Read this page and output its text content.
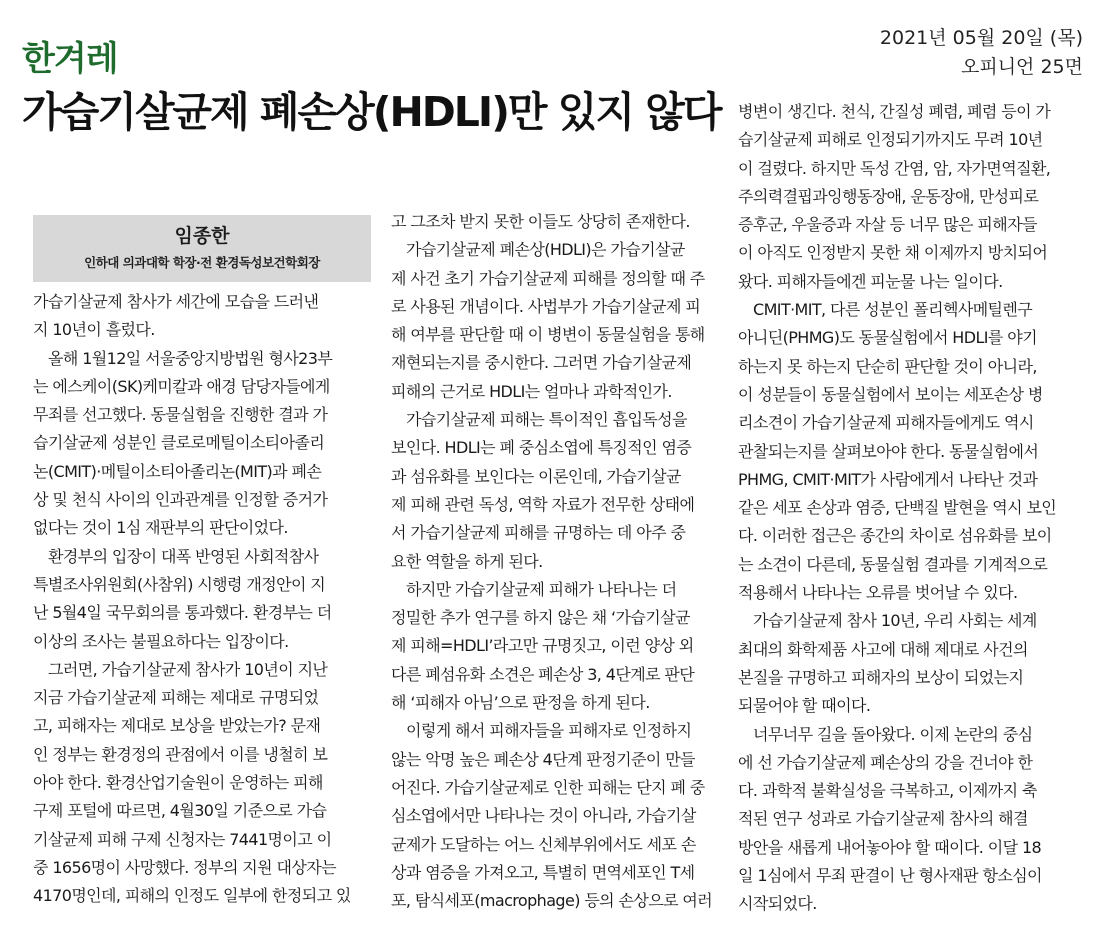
한겨레
2021년 05월 20일 (목)
오피니언 25면
가습기살균제 폐손상(HDLI)만 있지 않다
임종한
인하대 의과대학 학장·전 환경독성보건학회장
가습기살균제 참사가 세간에 모습을 드러낸
지 10년이 흘렀다.
올해 1월12일 서울중앙지방법원 형사23부
는 에스케이(SK)케미칼과 애경 담당자들에게
무죄를 선고했다. 동물실험을 진행한 결과 가
습기살균제 성분인 클로로메틸이소티아졸리
논(CMIT)·메틸이소티아졸리논(MIT)과 폐손
상 및 천식 사이의 인과관계를 인정할 증거가
없다는 것이 1심 재판부의 판단이었다.
환경부의 입장이 대폭 반영된 사회적참사
특별조사위원회(사참위) 시행령 개정안이 지
난 5월4일 국무회의를 통과했다. 환경부는 더
이상의 조사는 불필요하다는 입장이다.
그러면, 가습기살균제 참사가 10년이 지난
지금 가습기살균제 피해는 제대로 규명되었
고, 피해자는 제대로 보상을 받았는가? 문재
인 정부는 환경정의 관점에서 이를 냉철히 보
아야 한다. 환경산업기술원이 운영하는 피해
구제 포털에 따르면, 4월30일 기준으로 가습
기살균제 피해 구제 신청자는 7441명이고 이
중 1656명이 사망했다. 정부의 지원 대상자는
4170명인데, 피해의 인정도 일부에 한정되고 있
고 그조차 받지 못한 이들도 상당히 존재한다.
가습기살균제 폐손상(HDLI)은 가습기살균
제 사건 초기 가습기살균제 피해를 정의할 때 주
로 사용된 개념이다. 사법부가 가습기살균제 피
해 여부를 판단할 때 이 병변이 동물실험을 통해
재현되는지를 중시한다. 그러면 가습기살균제
피해의 근거로 HDLI는 얼마나 과학적인가.
가습기살균제 피해는 특이적인 흡입독성을
보인다. HDLI는 폐 중심소엽에 특징적인 염증
과 섬유화를 보인다는 이론인데, 가습기살균
제 피해 관련 독성, 역학 자료가 전무한 상태에
서 가습기살균제 피해를 규명하는 데 아주 중
요한 역할을 하게 된다.
하지만 가습기살균제 피해가 나타나는 더
정밀한 추가 연구를 하지 않은 채 ‘가습기살균
제 피해=HDLI’라고만 규명짓고, 이런 양상 외
다른 폐섬유화 소견은 폐손상 3, 4단계로 판단
해 ‘피해자 아님’으로 판정을 하게 된다.
이렇게 해서 피해자들을 피해자로 인정하지
않는 악명 높은 폐손상 4단계 판정기준이 만들
어진다. 가습기살균제로 인한 피해는 단지 폐 중
심소엽에서만 나타나는 것이 아니라, 가습기살
균제가 도달하는 어느 신체부위에서도 세포 손
상과 염증을 가져오고, 특별히 면역세포인 T세
포, 탐식세포(macrophage) 등의 손상으로 여러
병변이 생긴다. 천식, 간질성 폐렴, 폐렴 등이 가
습기살균제 피해로 인정되기까지도 무려 10년
이 걸렸다. 하지만 독성 간염, 암, 자가면역질환,
주의력결핍과잉행동장애, 운동장애, 만성피로
증후군, 우울증과 자살 등 너무 많은 피해자들
이 아직도 인정받지 못한 채 이제까지 방치되어
왔다. 피해자들에겐 피눈물 나는 일이다.
CMIT·MIT, 다른 성분인 폴리헥사메틸렌구
아니딘(PHMG)도 동물실험에서 HDLI를 야기
하는지 못 하는지 단순히 판단할 것이 아니라,
이 성분들이 동물실험에서 보이는 세포손상 병
리소견이 가습기살균제 피해자들에게도 역시
관찰되는지를 살펴보아야 한다. 동물실험에서
PHMG, CMIT·MIT가 사람에게서 나타난 것과
같은 세포 손상과 염증, 단백질 발현을 역시 보인
다. 이러한 접근은 종간의 차이로 섬유화를 보이
는 소견이 다른데, 동물실험 결과를 기계적으로
적용해서 나타나는 오류를 벗어날 수 있다.
가습기살균제 참사 10년, 우리 사회는 세계
최대의 화학제품 사고에 대해 제대로 사건의
본질을 규명하고 피해자의 보상이 되었는지
되물어야 할 때이다.
너무너무 길을 돌아왔다. 이제 논란의 중심
에 선 가습기살균제 폐손상의 강을 건너야 한
다. 과학적 불확실성을 극복하고, 이제까지 축
적된 연구 성과로 가습기살균제 참사의 해결
방안을 새롭게 내어놓아야 할 때이다. 이달 18
일 1심에서 무죄 판결이 난 형사재판 항소심이
시작되었다.
